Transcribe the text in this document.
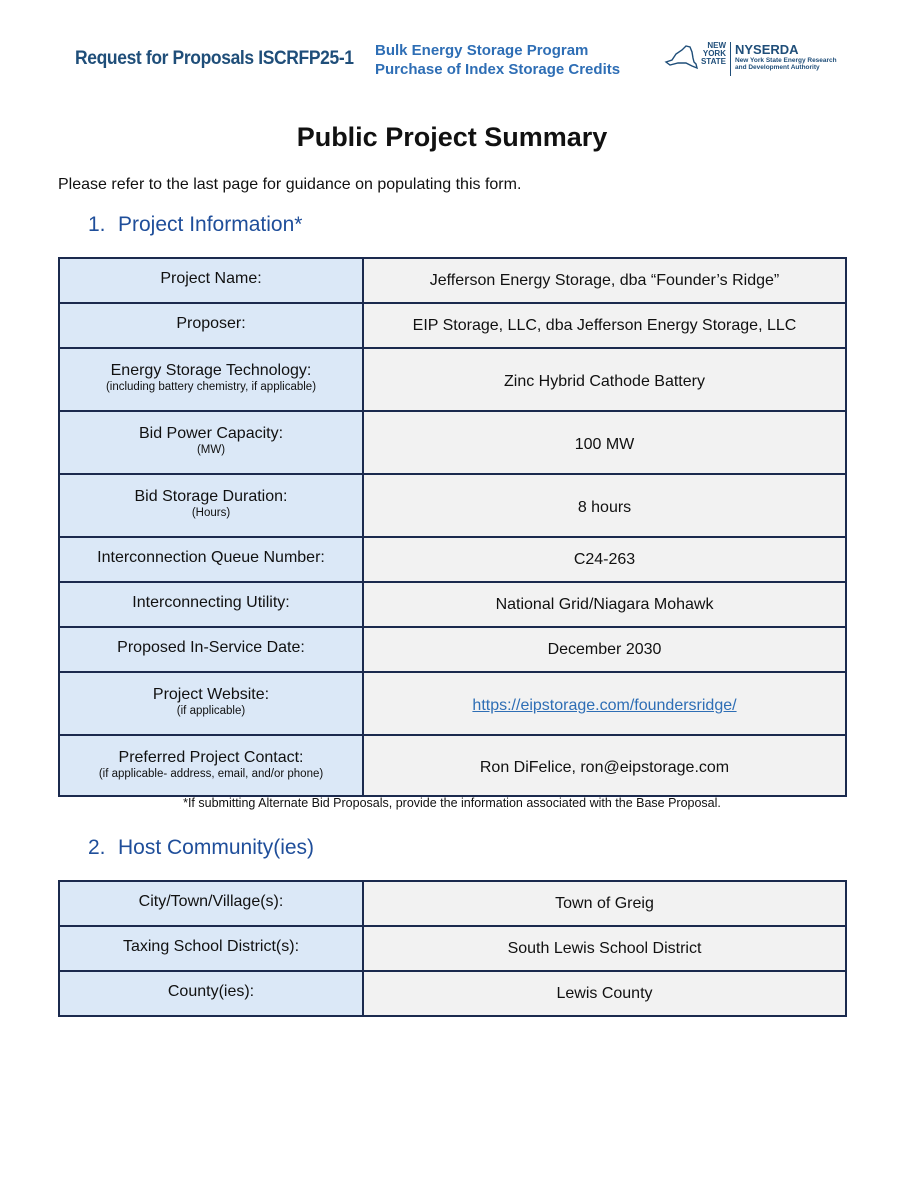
Request for Proposals ISCRFP25-1 Bulk Energy Storage Program
Purchase of Index Storage Credits
NEW
YORK
STATE
NYSERDA
New York State Energy Research
and Development Authority
Public Project Summary
Please refer to the last page for guidance on populating this form.
1. Project Information*
Project Name:	Jefferson Energy Storage, dba “Founder’s Ridge”

Proposer:	EIP Storage, LLC, dba Jefferson Energy Storage, LLC

Energy Storage Technology:
(including battery chemistry, if applicable)	Zinc Hybrid Cathode Battery

Bid Power Capacity:
(MW)	100 MW

Bid Storage Duration:
(Hours)	8 hours

Interconnection Queue Number:	C24-263

Interconnecting Utility:	National Grid/Niagara Mohawk

Proposed In-Service Date:	December 2030

Project Website:
(if applicable)	https://eipstorage.com/foundersridge/

Preferred Project Contact:
(if applicable- address, email, and/or phone)	Ron DiFelice, ron@eipstorage.com
*If submitting Alternate Bid Proposals, provide the information associated with the Base Proposal.
2. Host Community(ies)
City/Town/Village(s):	Town of Greig

Taxing School District(s):	South Lewis School District

County(ies):	Lewis County
